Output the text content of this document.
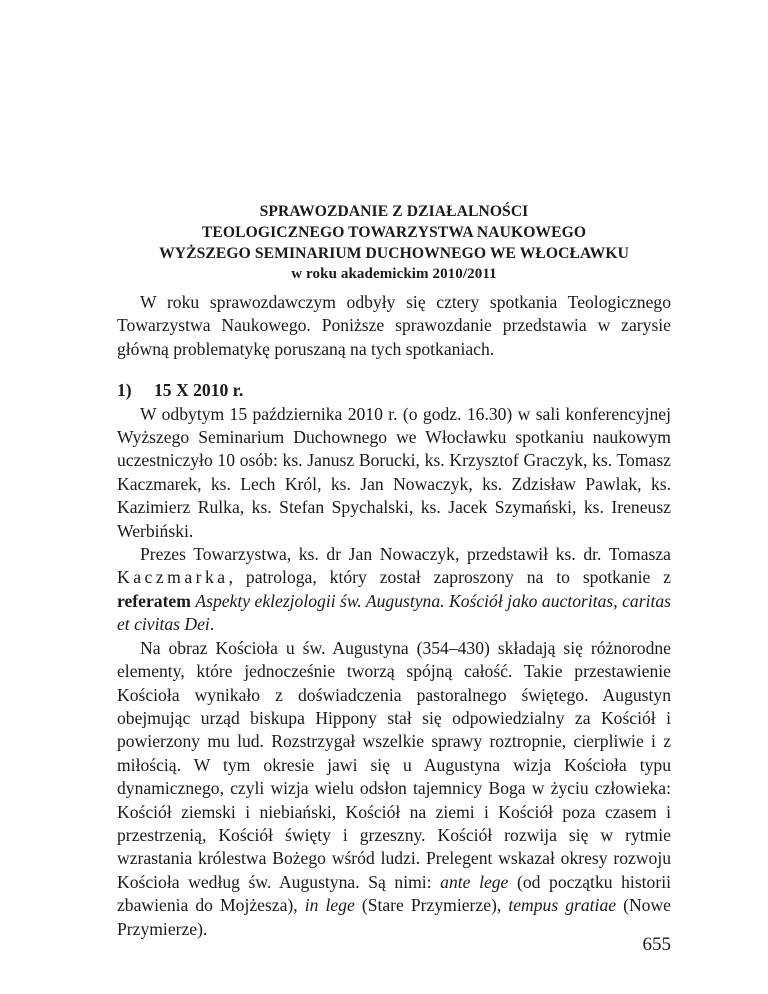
SPRAWOZDANIE Z DZIAŁALNOŚCI
TEOLOGICZNEGO TOWARZYSTWA NAUKOWEGO
WYŻSZEGO SEMINARIUM DUCHOWNEGO WE WŁOCŁAWKU
w roku akademickim 2010/2011

W roku sprawozdawczym odbyły się cztery spotkania Teologicznego Towarzystwa Naukowego. Poniższe sprawozdanie przedstawia w zarysie główną problematykę poruszaną na tych spotkaniach.

1) 15 X 2010 r.

W odbytym 15 października 2010 r. (o godz. 16.30) w sali konferencyjnej Wyższego Seminarium Duchownego we Włocławku spotkaniu naukowym uczestniczyło 10 osób: ks. Janusz Borucki, ks. Krzysztof Graczyk, ks. Tomasz Kaczmarek, ks. Lech Król, ks. Jan Nowaczyk, ks. Zdzisław Pawlak, ks. Kazimierz Rulka, ks. Stefan Spychalski, ks. Jacek Szymański, ks. Ireneusz Werbiński.

Prezes Towarzystwa, ks. dr Jan Nowaczyk, przedstawił ks. dr. Tomasza Kaczmarka, patrologa, który został zaproszony na to spotkanie z referatem Aspekty eklezjologii św. Augustyna. Kościół jako auctoritas, caritas et civitas Dei.

Na obraz Kościoła u św. Augustyna (354–430) składają się różnorodne elementy, które jednocześnie tworzą spójną całość. Takie przestawienie Kościoła wynikało z doświadczenia pastoralnego świętego. Augustyn obejmując urząd biskupa Hippony stał się odpowiedzialny za Kościół i powierzony mu lud. Rozstrzygał wszelkie sprawy roztropnie, cierpliwie i z miłością. W tym okresie jawi się u Augustyna wizja Kościoła typu dynamicznego, czyli wizja wielu odsłon tajemnicy Boga w życiu człowieka: Kościół ziemski i niebiański, Kościół na ziemi i Kościół poza czasem i przestrzenią, Kościół święty i grzeszny. Kościół rozwija się w rytmie wzrastania królestwa Bożego wśród ludzi. Prelegent wskazał okresy rozwoju Kościoła według św. Augustyna. Są nimi: ante lege (od początku historii zbawienia do Mojżesza), in lege (Stare Przymierze), tempus gratiae (Nowe Przymierze).

655
